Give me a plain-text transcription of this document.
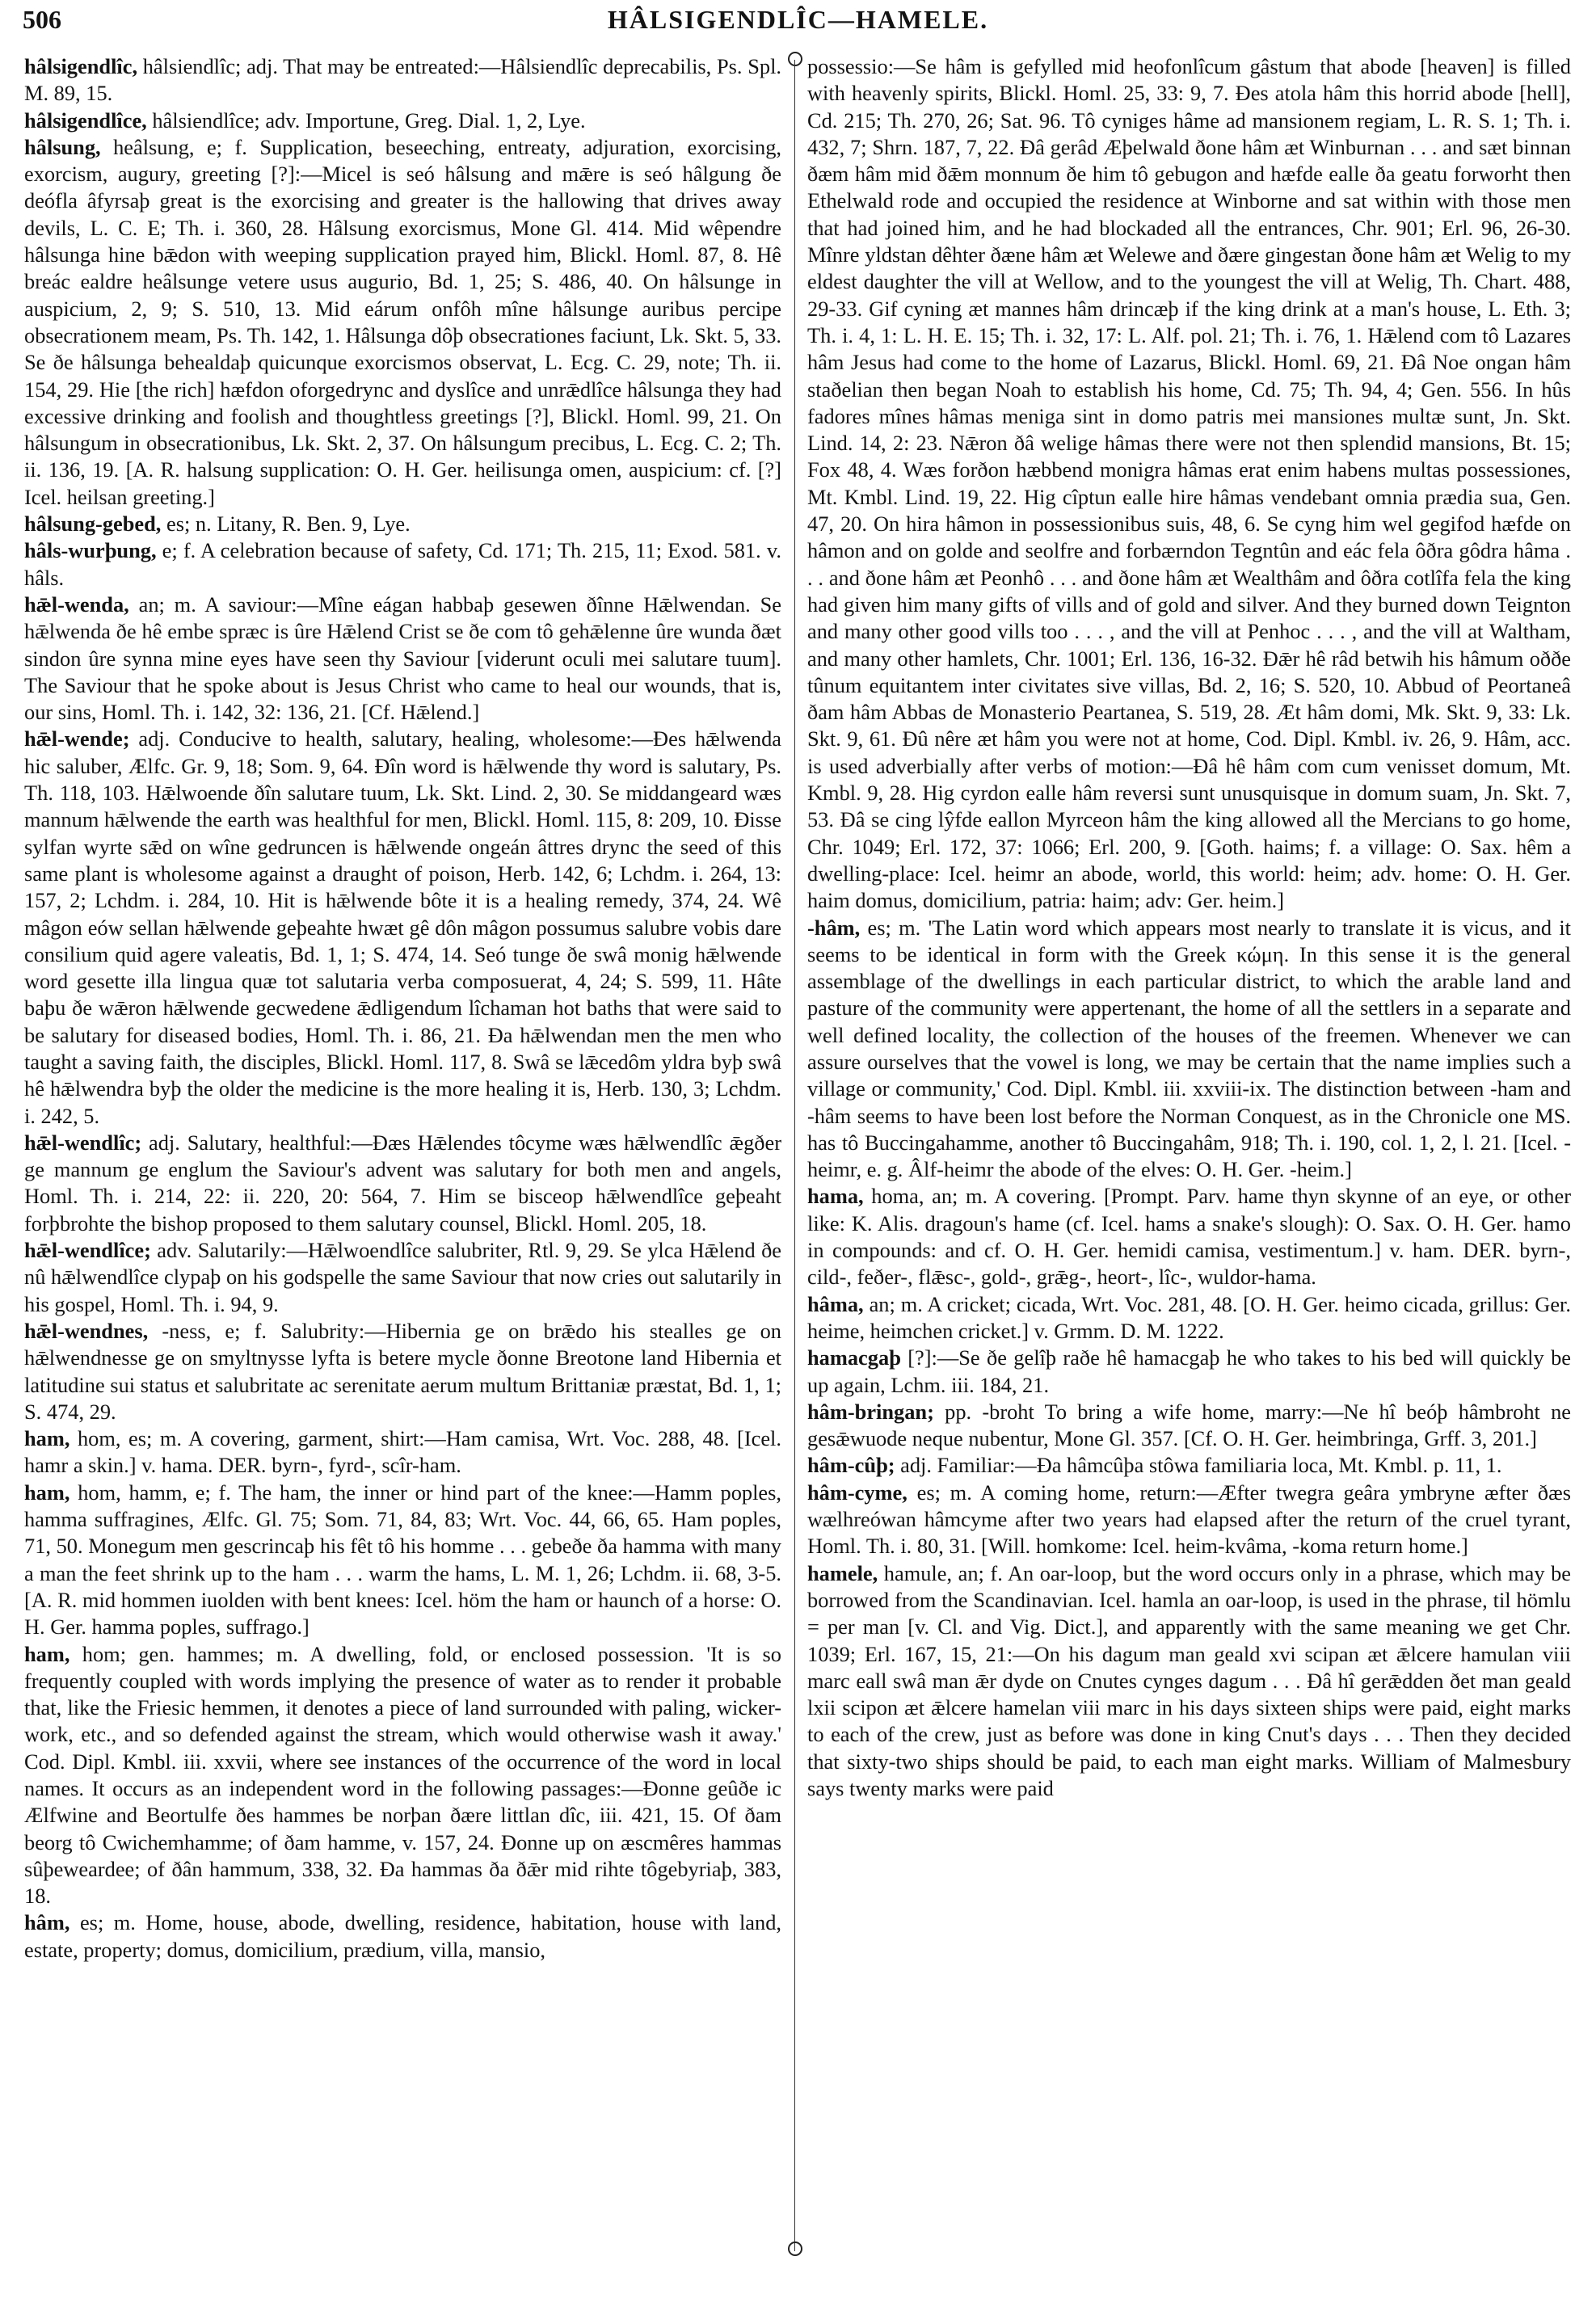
506	HÂLSIGENDLÎC—HAMELE.

hâlsigendlîc, hâlsiendlîc; adj. That may be entreated:—Hâlsiendlîc deprecabilis, Ps. Spl. M. 89, 15.

hâlsigendlîce, hâlsiendlîce; adv. Importune, Greg. Dial. 1, 2, Lye.

hâlsung, heâlsung, e; f. Supplication, beseeching, entreaty, adjuration, exorcising, exorcism, augury, greeting [?]:—Micel is seó hâlsung and mǣre is seó hâlgung ðe deófla âfyrsaþ great is the exorcising and greater is the hallowing that drives away devils, L. C. E; Th. i. 360, 28. Hâlsung exorcismus, Mone Gl. 414. Mid wêpendre hâlsunga hine bǣdon with weeping supplication prayed him, Blickl. Homl. 87, 8. Hê breác ealdre heâlsunge vetere usus augurio, Bd. 1, 25; S. 486, 40. On hâlsunge in auspicium, 2, 9; S. 510, 13. Mid eárum onfôh mîne hâlsunge auribus percipe obsecrationem meam, Ps. Th. 142, 1. Hâlsunga dôþ obsecrationes faciunt, Lk. Skt. 5, 33. Se ðe hâlsunga behealdaþ quicunque exorcismos observat, L. Ecg. C. 29, note; Th. ii. 154, 29. Hie [the rich] hæfdon oforgedrync and dyslîce and unrǣdlîce hâlsunga they had excessive drinking and foolish and thoughtless greetings [?], Blickl. Homl. 99, 21. On hâlsungum in obsecrationibus, Lk. Skt. 2, 37. On hâlsungum precibus, L. Ecg. C. 2; Th. ii. 136, 19. [A. R. halsung supplication: O. H. Ger. heilisunga omen, auspicium: cf. [?] Icel. heilsan greeting.]

hâlsung-gebed, es; n. Litany, R. Ben. 9, Lye.

hâls-wurþung, e; f. A celebration because of safety, Cd. 171; Th. 215, 11; Exod. 581. v. hâls.

hǣl-wenda, an; m. A saviour:—Mîne eágan habbaþ gesewen ðînne Hǣlwendan. Se hǣlwenda ðe hê embe spræc is ûre Hǣlend Crist se ðe com tô gehǣlenne ûre wunda ðæt sindon ûre synna mine eyes have seen thy Saviour [viderunt oculi mei salutare tuum]. The Saviour that he spoke about is Jesus Christ who came to heal our wounds, that is, our sins, Homl. Th. i. 142, 32: 136, 21. [Cf. Hǣlend.]

hǣl-wende; adj. Conducive to health, salutary, healing, wholesome:—Ðes hǣlwenda hic saluber, Ælfc. Gr. 9, 18; Som. 9, 64. Ðîn word is hǣlwende thy word is salutary, Ps. Th. 118, 103. Hǣlwoende ðîn salutare tuum, Lk. Skt. Lind. 2, 30. Se middangeard wæs mannum hǣlwende the earth was healthful for men, Blickl. Homl. 115, 8: 209, 10. Ðisse sylfan wyrte sǣd on wîne gedruncen is hǣlwende ongeán âttres drync the seed of this same plant is wholesome against a draught of poison, Herb. 142, 6; Lchdm. i. 264, 13: 157, 2; Lchdm. i. 284, 10. Hit is hǣlwende bôte it is a healing remedy, 374, 24. Wê mâgon eów sellan hǣlwende geþeahte hwæt gê dôn mâgon possumus salubre vobis dare consilium quid agere valeatis, Bd. 1, 1; S. 474, 14. Seó tunge ðe swâ monig hǣlwende word gesette illa lingua quæ tot salutaria verba composuerat, 4, 24; S. 599, 11. Hâte baþu ðe wǣron hǣlwende gecwedene ǣdligendum lîchaman hot baths that were said to be salutary for diseased bodies, Homl. Th. i. 86, 21. Ða hǣlwendan men the men who taught a saving faith, the disciples, Blickl. Homl. 117, 8. Swâ se lǣcedôm yldra byþ swâ hê hǣlwendra byþ the older the medicine is the more healing it is, Herb. 130, 3; Lchdm. i. 242, 5.

hǣl-wendlîc; adj. Salutary, healthful:—Ðæs Hǣlendes tôcyme wæs hǣlwendlîc ǣgðer ge mannum ge englum the Saviour's advent was salutary for both men and angels, Homl. Th. i. 214, 22: ii. 220, 20: 564, 7. Him se bisceop hǣlwendlîce geþeaht forþbrohte the bishop proposed to them salutary counsel, Blickl. Homl. 205, 18.

hǣl-wendlîce; adv. Salutarily:—Hǣlwoendlîce salubriter, Rtl. 9, 29. Se ylca Hǣlend ðe nû hǣlwendlîce clypaþ on his godspelle the same Saviour that now cries out salutarily in his gospel, Homl. Th. i. 94, 9.

hǣl-wendnes, -ness, e; f. Salubrity:—Hibernia ge on brǣdo his stealles ge on hǣlwendnesse ge on smyltnysse lyfta is betere mycle ðonne Breotone land Hibernia et latitudine sui status et salubritate ac serenitate aerum multum Brittaniæ præstat, Bd. 1, 1; S. 474, 29.

ham, hom, es; m. A covering, garment, shirt:—Ham camisa, Wrt. Voc. 288, 48. [Icel. hamr a skin.] v. hama. DER. byrn-, fyrd-, scîr-ham.

ham, hom, hamm, e; f. The ham, the inner or hind part of the knee:—Hamm poples, hamma suffragines, Ælfc. Gl. 75; Som. 71, 84, 83; Wrt. Voc. 44, 66, 65. Ham poples, 71, 50. Monegum men gescrincaþ his fêt tô his homme . . . gebeðe ða hamma with many a man the feet shrink up to the ham . . . warm the hams, L. M. 1, 26; Lchdm. ii. 68, 3-5. [A. R. mid hommen iuolden with bent knees: Icel. höm the ham or haunch of a horse: O. H. Ger. hamma poples, suffrago.]

ham, hom; gen. hammes; m. A dwelling, fold, or enclosed possession. 'It is so frequently coupled with words implying the presence of water as to render it probable that, like the Friesic hemmen, it denotes a piece of land surrounded with paling, wicker-work, etc., and so defended against the stream, which would otherwise wash it away.' Cod. Dipl. Kmbl. iii. xxvii, where see instances of the occurrence of the word in local names. It occurs as an independent word in the following passages:—Ðonne geûðe ic Ælfwine and Beortulfe ðes hammes be norþan ðære littlan dîc, iii. 421, 15. Of ðam beorg tô Cwichemhamme; of ðam hamme, v. 157, 24. Ðonne up on æscmêres hammas sûþeweardee; of ðân hammum, 338, 32. Ða hammas ða ðǣr mid rihte tôgebyriaþ, 383, 18.

hâm, es; m. Home, house, abode, dwelling, residence, habitation, house with land, estate, property; domus, domicilium, prædium, villa, mansio,

possessio:—Se hâm is gefylled mid heofonlîcum gâstum that abode [heaven] is filled with heavenly spirits, Blickl. Homl. 25, 33: 9, 7. Ðes atola hâm this horrid abode [hell], Cd. 215; Th. 270, 26; Sat. 96. Tô cyniges hâme ad mansionem regiam, L. R. S. 1; Th. i. 432, 7; Shrn. 187, 7, 22. Ðâ gerâd Æþelwald ðone hâm æt Winburnan . . . and sæt binnan ðæm hâm mid ðǣm monnum ðe him tô gebugon and hæfde ealle ða geatu forworht then Ethelwald rode and occupied the residence at Winborne and sat within with those men that had joined him, and he had blockaded all the entrances, Chr. 901; Erl. 96, 26-30. Mînre yldstan dêhter ðæne hâm æt Welewe and ðære gingestan ðone hâm æt Welig to my eldest daughter the vill at Wellow, and to the youngest the vill at Welig, Th. Chart. 488, 29-33. Gif cyning æt mannes hâm drincæþ if the king drink at a man's house, L. Eth. 3; Th. i. 4, 1: L. H. E. 15; Th. i. 32, 17: L. Alf. pol. 21; Th. i. 76, 1. Hǣlend com tô Lazares hâm Jesus had come to the home of Lazarus, Blickl. Homl. 69, 21. Ðâ Noe ongan hâm staðelian then began Noah to establish his home, Cd. 75; Th. 94, 4; Gen. 556. In hûs fadores mînes hâmas meniga sint in domo patris mei mansiones multæ sunt, Jn. Skt. Lind. 14, 2: 23. Nǣron ðâ welige hâmas there were not then splendid mansions, Bt. 15; Fox 48, 4. Wæs forðon hæbbend monigra hâmas erat enim habens multas possessiones, Mt. Kmbl. Lind. 19, 22. Hig cîptun ealle hire hâmas vendebant omnia prædia sua, Gen. 47, 20. On hira hâmon in possessionibus suis, 48, 6. Se cyng him wel gegifod hæfde on hâmon and on golde and seolfre and forbærndon Tegntûn and eác fela ôðra gôdra hâma . . . and ðone hâm æt Peonhô . . . and ðone hâm æt Wealthâm and ôðra cotlîfa fela the king had given him many gifts of vills and of gold and silver. And they burned down Teignton and many other good vills too . . . , and the vill at Penhoc . . . , and the vill at Waltham, and many other hamlets, Chr. 1001; Erl. 136, 16-32. Ðǣr hê râd betwih his hâmum oððe tûnum equitantem inter civitates sive villas, Bd. 2, 16; S. 520, 10. Abbud of Peortaneâ ðam hâm Abbas de Monasterio Peartanea, S. 519, 28. Æt hâm domi, Mk. Skt. 9, 33: Lk. Skt. 9, 61. Ðû nêre æt hâm you were not at home, Cod. Dipl. Kmbl. iv. 26, 9. Hâm, acc. is used adverbially after verbs of motion:—Ðâ hê hâm com cum venisset domum, Mt. Kmbl. 9, 28. Hig cyrdon ealle hâm reversi sunt unusquisque in domum suam, Jn. Skt. 7, 53. Ðâ se cing lŷfde eallon Myrceon hâm the king allowed all the Mercians to go home, Chr. 1049; Erl. 172, 37: 1066; Erl. 200, 9. [Goth. haims; f. a village: O. Sax. hêm a dwelling-place: Icel. heimr an abode, world, this world: heim; adv. home: O. H. Ger. haim domus, domicilium, patria: haim; adv: Ger. heim.]

-hâm, es; m. 'The Latin word which appears most nearly to translate it is vicus, and it seems to be identical in form with the Greek κώμη. In this sense it is the general assemblage of the dwellings in each particular district, to which the arable land and pasture of the community were appertenant, the home of all the settlers in a separate and well defined locality, the collection of the houses of the freemen. Whenever we can assure ourselves that the vowel is long, we may be certain that the name implies such a village or community,' Cod. Dipl. Kmbl. iii. xxviii-ix. The distinction between -ham and -hâm seems to have been lost before the Norman Conquest, as in the Chronicle one MS. has tô Buccingahamme, another tô Buccingahâm, 918; Th. i. 190, col. 1, 2, l. 21. [Icel. -heimr, e. g. Âlf-heimr the abode of the elves: O. H. Ger. -heim.]

hama, homa, an; m. A covering. [Prompt. Parv. hame thyn skynne of an eye, or other like: K. Alis. dragoun's hame (cf. Icel. hams a snake's slough): O. Sax. O. H. Ger. hamo in compounds: and cf. O. H. Ger. hemidi camisa, vestimentum.] v. ham. DER. byrn-, cild-, feðer-, flǣsc-, gold-, grǣg-, heort-, lîc-, wuldor-hama.

hâma, an; m. A cricket; cicada, Wrt. Voc. 281, 48. [O. H. Ger. heimo cicada, grillus: Ger. heime, heimchen cricket.] v. Grmm. D. M. 1222.

hamacgaþ [?]:—Se ðe gelîþ raðe hê hamacgaþ he who takes to his bed will quickly be up again, Lchm. iii. 184, 21.

hâm-bringan; pp. -broht To bring a wife home, marry:—Ne hî beóþ hâmbroht ne gesǣwuode neque nubentur, Mone Gl. 357. [Cf. O. H. Ger. heimbringa, Grff. 3, 201.]

hâm-cûþ; adj. Familiar:—Ða hâmcûþa stôwa familiaria loca, Mt. Kmbl. p. 11, 1.

hâm-cyme, es; m. A coming home, return:—Æfter twegra geâra ymbryne æfter ðæs wælhreówan hâmcyme after two years had elapsed after the return of the cruel tyrant, Homl. Th. i. 80, 31. [Will. homkome: Icel. heim-kvâma, -koma return home.]

hamele, hamule, an; f. An oar-loop, but the word occurs only in a phrase, which may be borrowed from the Scandinavian. Icel. hamla an oar-loop, is used in the phrase, til hömlu = per man [v. Cl. and Vig. Dict.], and apparently with the same meaning we get Chr. 1039; Erl. 167, 15, 21:—On his dagum man geald xvi scipan æt ǣlcere hamulan viii marc eall swâ man ǣr dyde on Cnutes cynges dagum . . . Ðâ hî gerǣdden ðet man geald lxii scipon æt ǣlcere hamelan viii marc in his days sixteen ships were paid, eight marks to each of the crew, just as before was done in king Cnut's days . . . Then they decided that sixty-two ships should be paid, to each man eight marks. William of Malmesbury says twenty marks were paid
